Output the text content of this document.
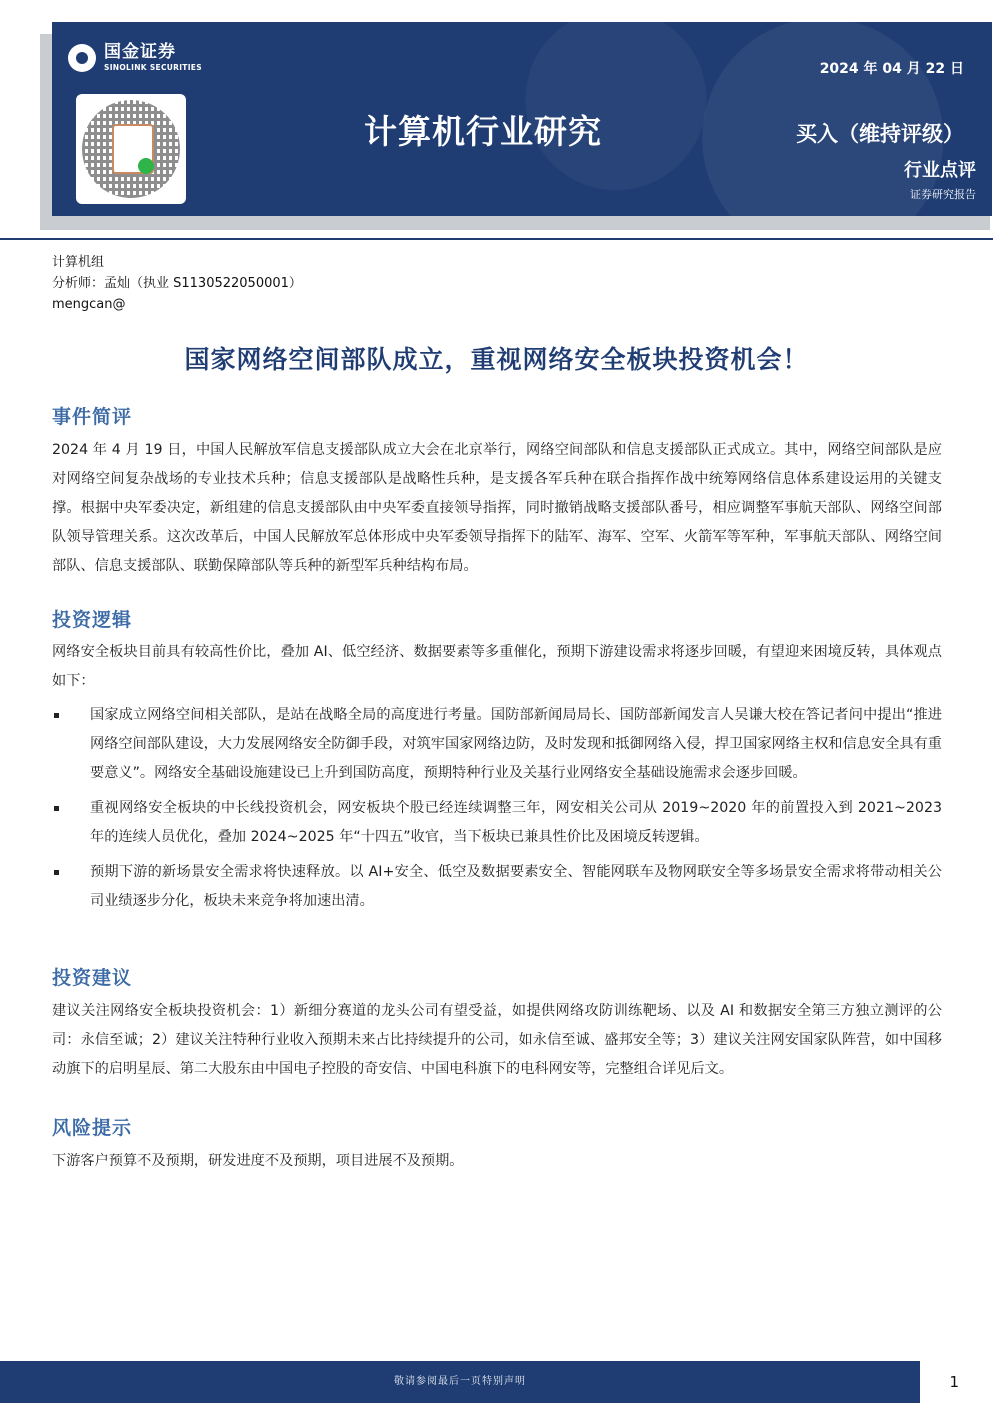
国金证券
SINOLINK SECURITIES	2024 年 04 月 22 日
计算机行业研究	买入（维持评级）
行业点评
证券研究报告
计算机组
分析师：孟灿（执业 S1130522050001）
mengcan@
国家网络空间部队成立，重视网络安全板块投资机会！
事件简评
2024 年 4 月 19 日，中国人民解放军信息支援部队成立大会在北京举行，网络空间部队和信息支援部队正式成立。其中，网络空间部队是应对网络空间复杂战场的专业技术兵种；信息支援部队是战略性兵种，是支援各军兵种在联合指挥作战中统筹网络信息体系建设运用的关键支撑。根据中央军委决定，新组建的信息支援部队由中央军委直接领导指挥，同时撤销战略支援部队番号，相应调整军事航天部队、网络空间部队领导管理关系。这次改革后，中国人民解放军总体形成中央军委领导指挥下的陆军、海军、空军、火箭军等军种，军事航天部队、网络空间部队、信息支援部队、联勤保障部队等兵种的新型军兵种结构布局。
投资逻辑
网络安全板块目前具有较高性价比，叠加 AI、低空经济、数据要素等多重催化，预期下游建设需求将逐步回暖，有望迎来困境反转，具体观点如下：
国家成立网络空间相关部队，是站在战略全局的高度进行考量。国防部新闻局局长、国防部新闻发言人吴谦大校在答记者问中提出“推进网络空间部队建设，大力发展网络安全防御手段，对筑牢国家网络边防，及时发现和抵御网络入侵，捍卫国家网络主权和信息安全具有重要意义”。网络安全基础设施建设已上升到国防高度，预期特种行业及关基行业网络安全基础设施需求会逐步回暖。
重视网络安全板块的中长线投资机会，网安板块个股已经连续调整三年，网安相关公司从 2019~2020 年的前置投入到 2021~2023 年的连续人员优化，叠加 2024~2025 年“十四五”收官，当下板块已兼具性价比及困境反转逻辑。
预期下游的新场景安全需求将快速释放。以 AI+安全、低空及数据要素安全、智能网联车及物网联安全等多场景安全需求将带动相关公司业绩逐步分化，板块未来竞争将加速出清。
投资建议
建议关注网络安全板块投资机会：1）新细分赛道的龙头公司有望受益，如提供网络攻防训练靶场、以及 AI 和数据安全第三方独立测评的公司：永信至诚；2）建议关注特种行业收入预期未来占比持续提升的公司，如永信至诚、盛邦安全等；3）建议关注网安国家队阵营，如中国移动旗下的启明星辰、第二大股东由中国电子控股的奇安信、中国电科旗下的电科网安等，完整组合详见后文。
风险提示
下游客户预算不及预期，研发进度不及预期，项目进展不及预期。
敬请参阅最后一页特别声明	1
